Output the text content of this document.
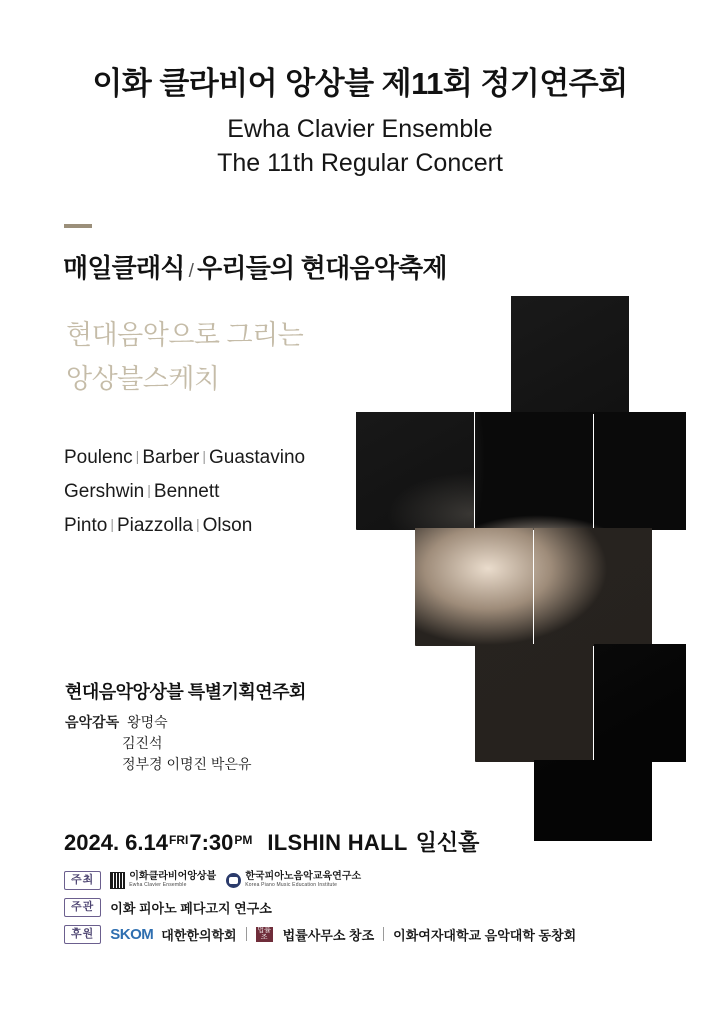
이화 클라비어 앙상블 제11회 정기연주회
Ewha Clavier Ensemble
The 11th Regular Concert
매일클래식 / 우리들의 현대음악축제
현대음악으로 그리는
앙상블스케치
Poulenc | Barber | Guastavino
Gershwin | Bennett
Pinto | Piazzolla | Olson
현대음악앙상블 특별기획연주회
음악감독 왕명숙
김진석
정부경 이명진 박은유
2024. $6.14^{FRI}7:30^{PM}$ ILSHIN HALL 일신홀
주최	이화클라비어앙상블
Ewha Clavier Ensemble
한국피아노음악교육연구소
Korea Piano Music Education Institute
주관	이화 피아노 페다고지 연구소
후원	SKOM 대한한의학회	법률조	법률사무소 창조 이화여자대학교 음악대학 동창회
